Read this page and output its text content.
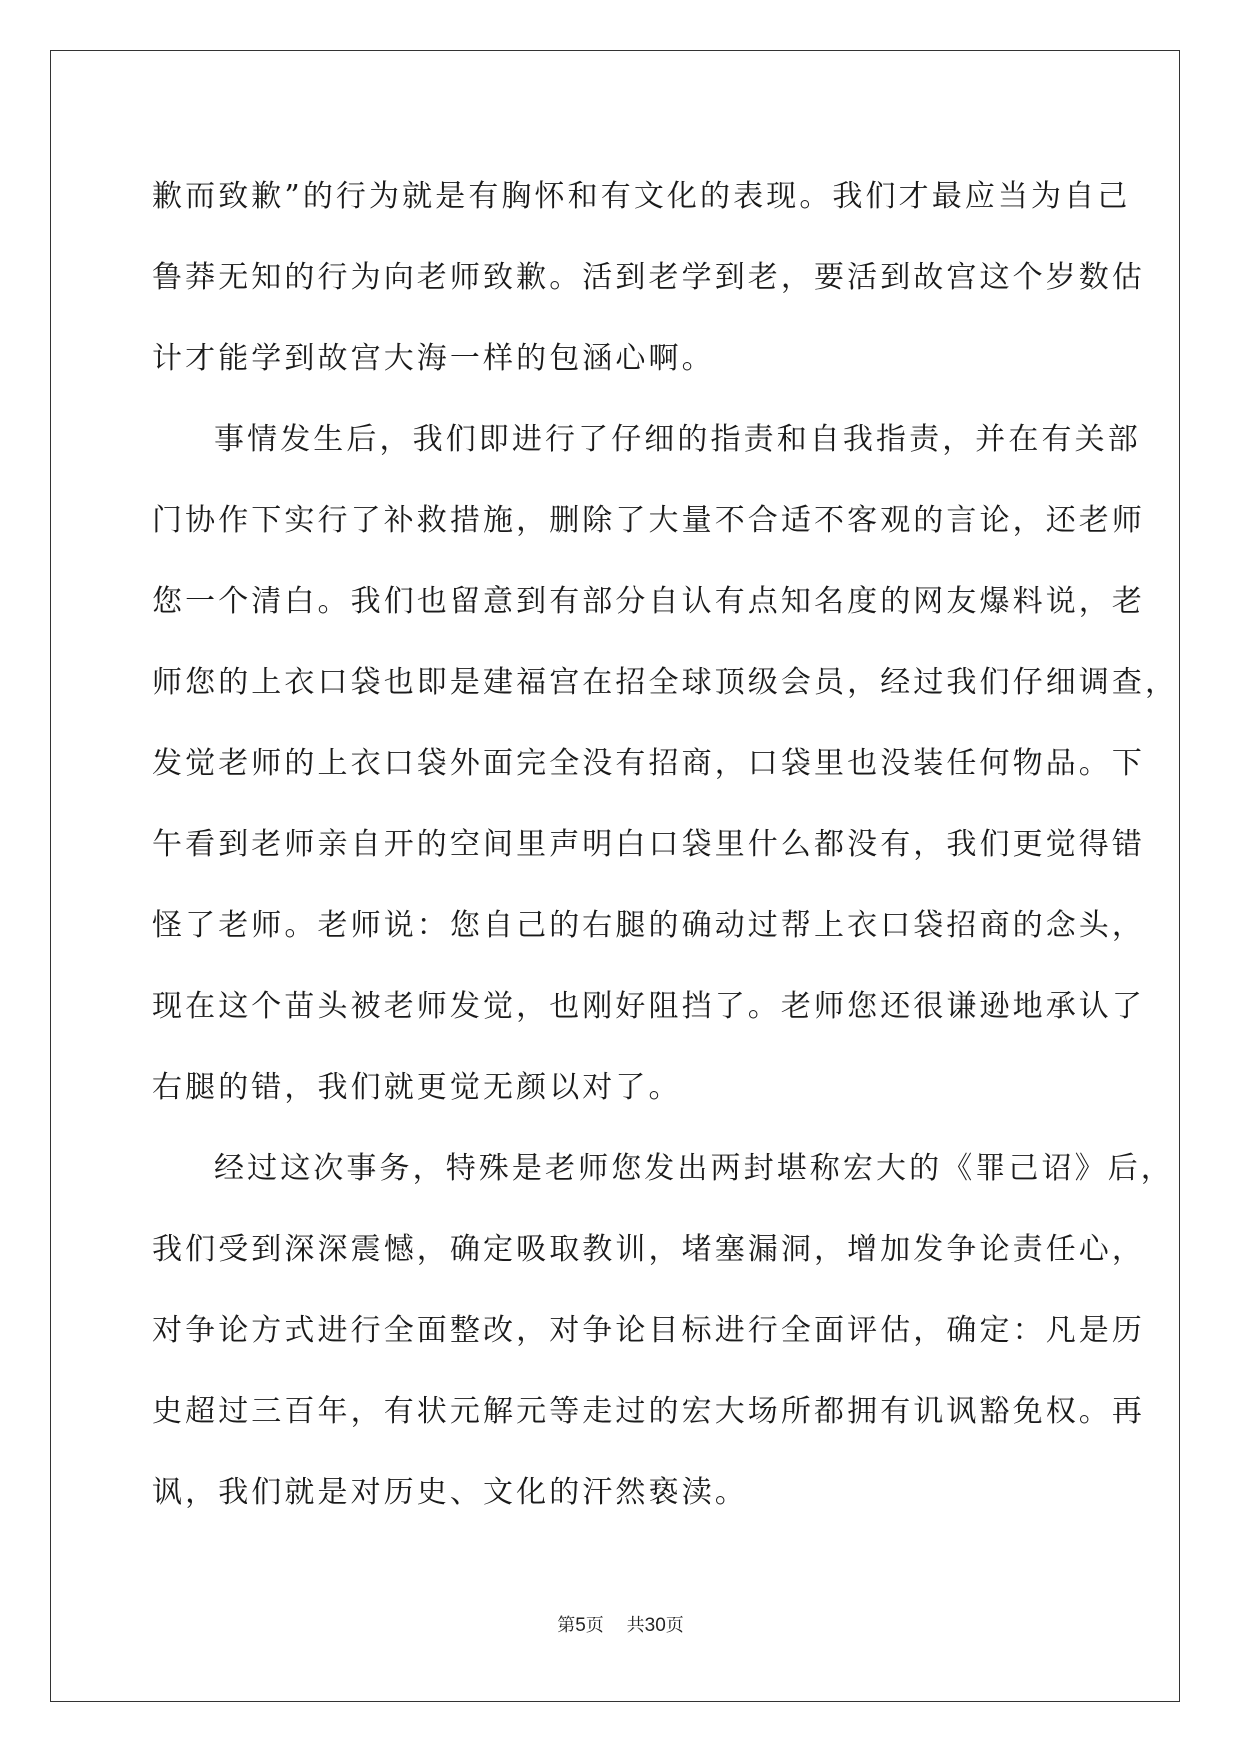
歉而致歉”的行为就是有胸怀和有文化的表现。我们才最应当为自己
鲁莽无知的行为向老师致歉。活到老学到老，要活到故宫这个岁数估
计才能学到故宫大海一样的包涵心啊。
事情发生后，我们即进行了仔细的指责和自我指责，并在有关部
门协作下实行了补救措施，删除了大量不合适不客观的言论，还老师
您一个清白。我们也留意到有部分自认有点知名度的网友爆料说，老
师您的上衣口袋也即是建福宫在招全球顶级会员，经过我们仔细调查，
发觉老师的上衣口袋外面完全没有招商，口袋里也没装任何物品。下
午看到老师亲自开的空间里声明白口袋里什么都没有，我们更觉得错
怪了老师。老师说：您自己的右腿的确动过帮上衣口袋招商的念头，
现在这个苗头被老师发觉，也刚好阻挡了。老师您还很谦逊地承认了
右腿的错，我们就更觉无颜以对了。
经过这次事务，特殊是老师您发出两封堪称宏大的《罪己诏》后，
我们受到深深震憾，确定吸取教训，堵塞漏洞，增加发争论责任心，
对争论方式进行全面整改，对争论目标进行全面评估，确定：凡是历
史超过三百年，有状元解元等走过的宏大场所都拥有讥讽豁免权。再
讽，我们就是对历史、文化的汗然亵渎。
第5页    共30页
